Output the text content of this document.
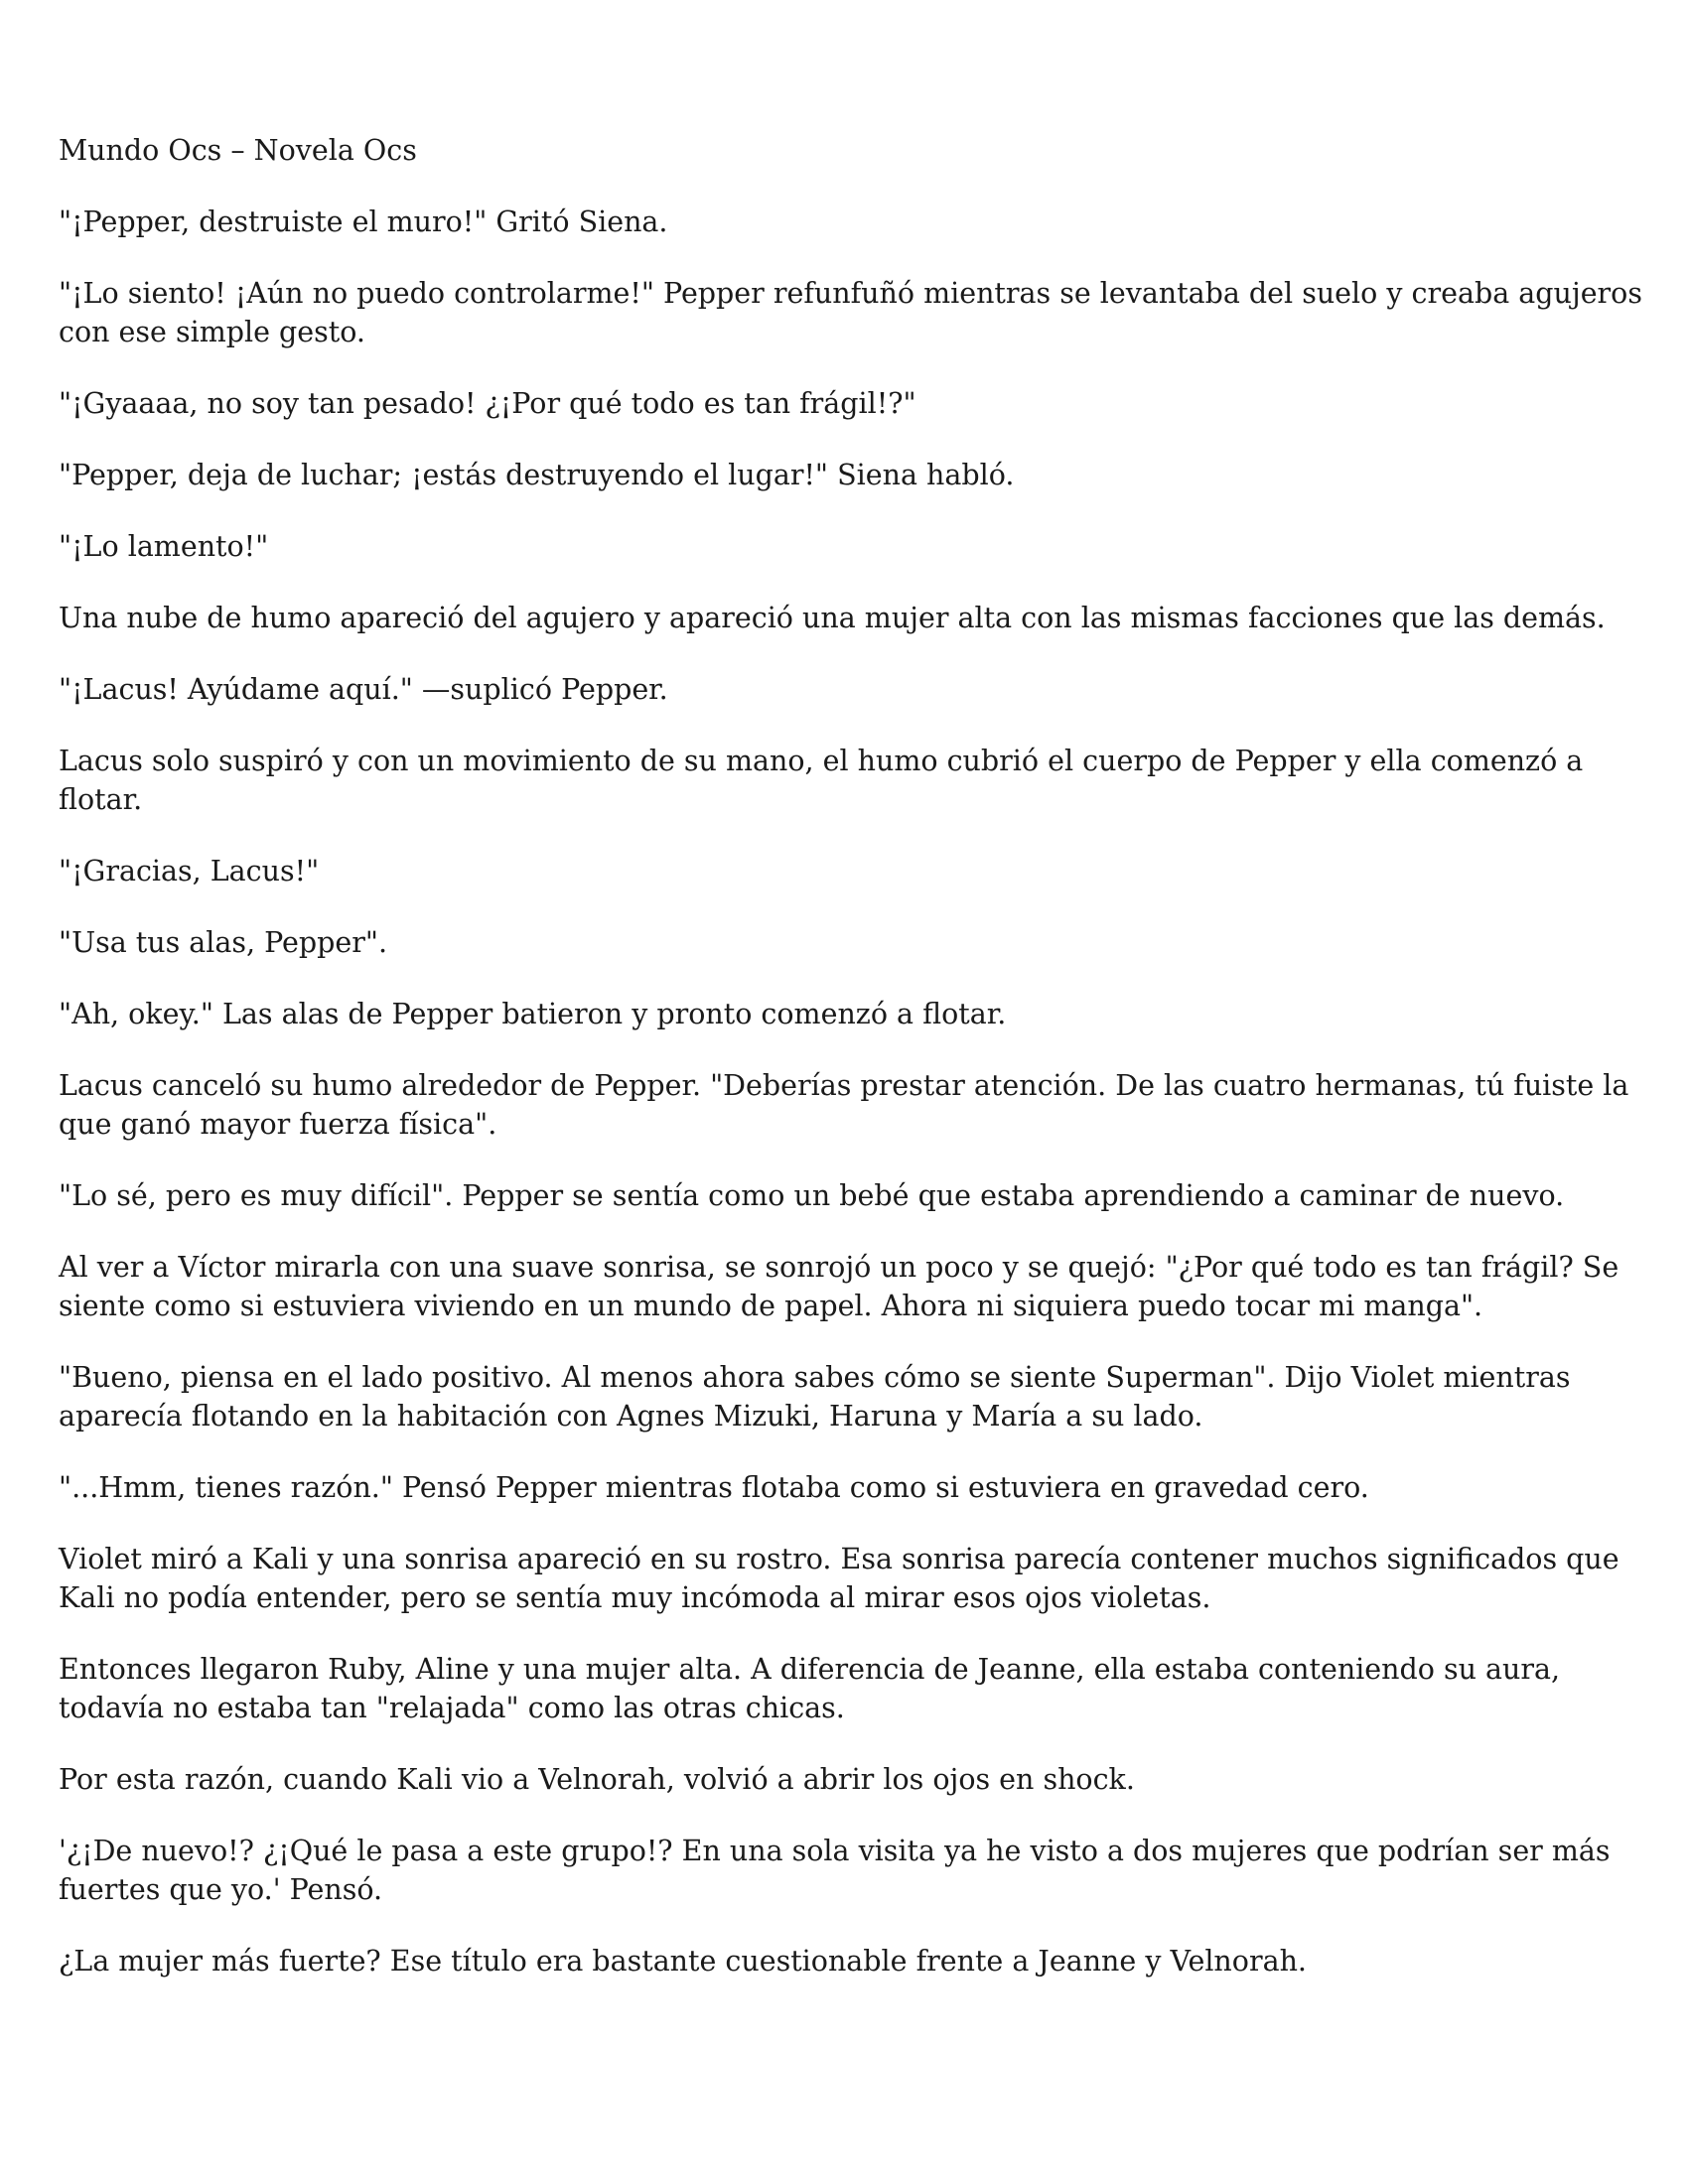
Mundo Ocs – Novela Ocs

"¡Pepper, destruiste el muro!" Gritó Siena.

"¡Lo siento! ¡Aún no puedo controlarme!" Pepper refunfuñó mientras se levantaba del suelo y creaba agujeros con ese simple gesto.

"¡Gyaaaa, no soy tan pesado! ¿¡Por qué todo es tan frágil!?"

"Pepper, deja de luchar; ¡estás destruyendo el lugar!" Siena habló.

"¡Lo lamento!"

Una nube de humo apareció del agujero y apareció una mujer alta con las mismas facciones que las demás.

"¡Lacus! Ayúdame aquí." —suplicó Pepper.

Lacus solo suspiró y con un movimiento de su mano, el humo cubrió el cuerpo de Pepper y ella comenzó a flotar.

"¡Gracias, Lacus!"

"Usa tus alas, Pepper".

"Ah, okey." Las alas de Pepper batieron y pronto comenzó a flotar.

Lacus canceló su humo alrededor de Pepper. "Deberías prestar atención. De las cuatro hermanas, tú fuiste la que ganó mayor fuerza física".

"Lo sé, pero es muy difícil". Pepper se sentía como un bebé que estaba aprendiendo a caminar de nuevo.

Al ver a Víctor mirarla con una suave sonrisa, se sonrojó un poco y se quejó: "¿Por qué todo es tan frágil? Se siente como si estuviera viviendo en un mundo de papel. Ahora ni siquiera puedo tocar mi manga".

"Bueno, piensa en el lado positivo. Al menos ahora sabes cómo se siente Superman". Dijo Violet mientras aparecía flotando en la habitación con Agnes Mizuki, Haruna y María a su lado.

"...Hmm, tienes razón." Pensó Pepper mientras flotaba como si estuviera en gravedad cero.

Violet miró a Kali y una sonrisa apareció en su rostro. Esa sonrisa parecía contener muchos significados que Kali no podía entender, pero se sentía muy incómoda al mirar esos ojos violetas.

Entonces llegaron Ruby, Aline y una mujer alta. A diferencia de Jeanne, ella estaba conteniendo su aura, todavía no estaba tan "relajada" como las otras chicas.

Por esta razón, cuando Kali vio a Velnorah, volvió a abrir los ojos en shock.

'¿¡De nuevo!? ¿¡Qué le pasa a este grupo!? En una sola visita ya he visto a dos mujeres que podrían ser más fuertes que yo.' Pensó.

¿La mujer más fuerte? Ese título era bastante cuestionable frente a Jeanne y Velnorah.
